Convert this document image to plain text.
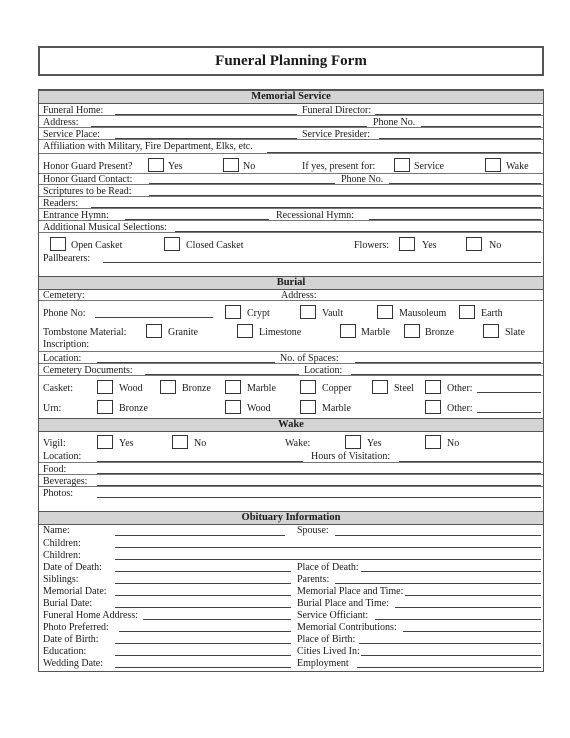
Funeral Planning Form
Memorial Service
Funeral Home:	Funeral Director:
Address:	Phone No.
Service Place:	Service Presider:
Affiliation with Military, Fire Department, Elks, etc.
Honor Guard Present?	Yes	No	If yes, present for:	Service	Wake
Honor Guard Contact:	Phone No.
Scriptures to be Read:
Readers:
Entrance Hymn:	Recessional Hymn:
Additional Musical Selections:
Open Casket	Closed Casket	Flowers:	Yes	No
Pallbearers:
Burial
Cemetery:	Address:
Phone No:	Crypt	Vault	Mausoleum	Earth
Tombstone Material:	Granite	Limestone	Marble	Bronze	Slate
Inscription:
Location:	No. of Spaces:
Cemetery Documents:	Location:
Casket:	Wood	Bronze	Marble	Copper	Steel	Other:
Urn:	Bronze	Wood	Marble	Other:
Wake
Vigil:	Yes	No	Wake:	Yes	No
Location:	Hours of Visitation:
Food:
Beverages:
Photos:
Obituary Information
Name:	Spouse:
Children:
Children:
Date of Death:	Place of Death:
Siblings:	Parents:
Memorial Date:	Memorial Place and Time:
Burial Date:	Burial Place and Time:
Funeral Home Address:	Service Officiant:
Photo Preferred:	Memorial Contributions:
Date of Birth:	Place of Birth:
Education:	Cities Lived In:
Wedding Date:	Employment
